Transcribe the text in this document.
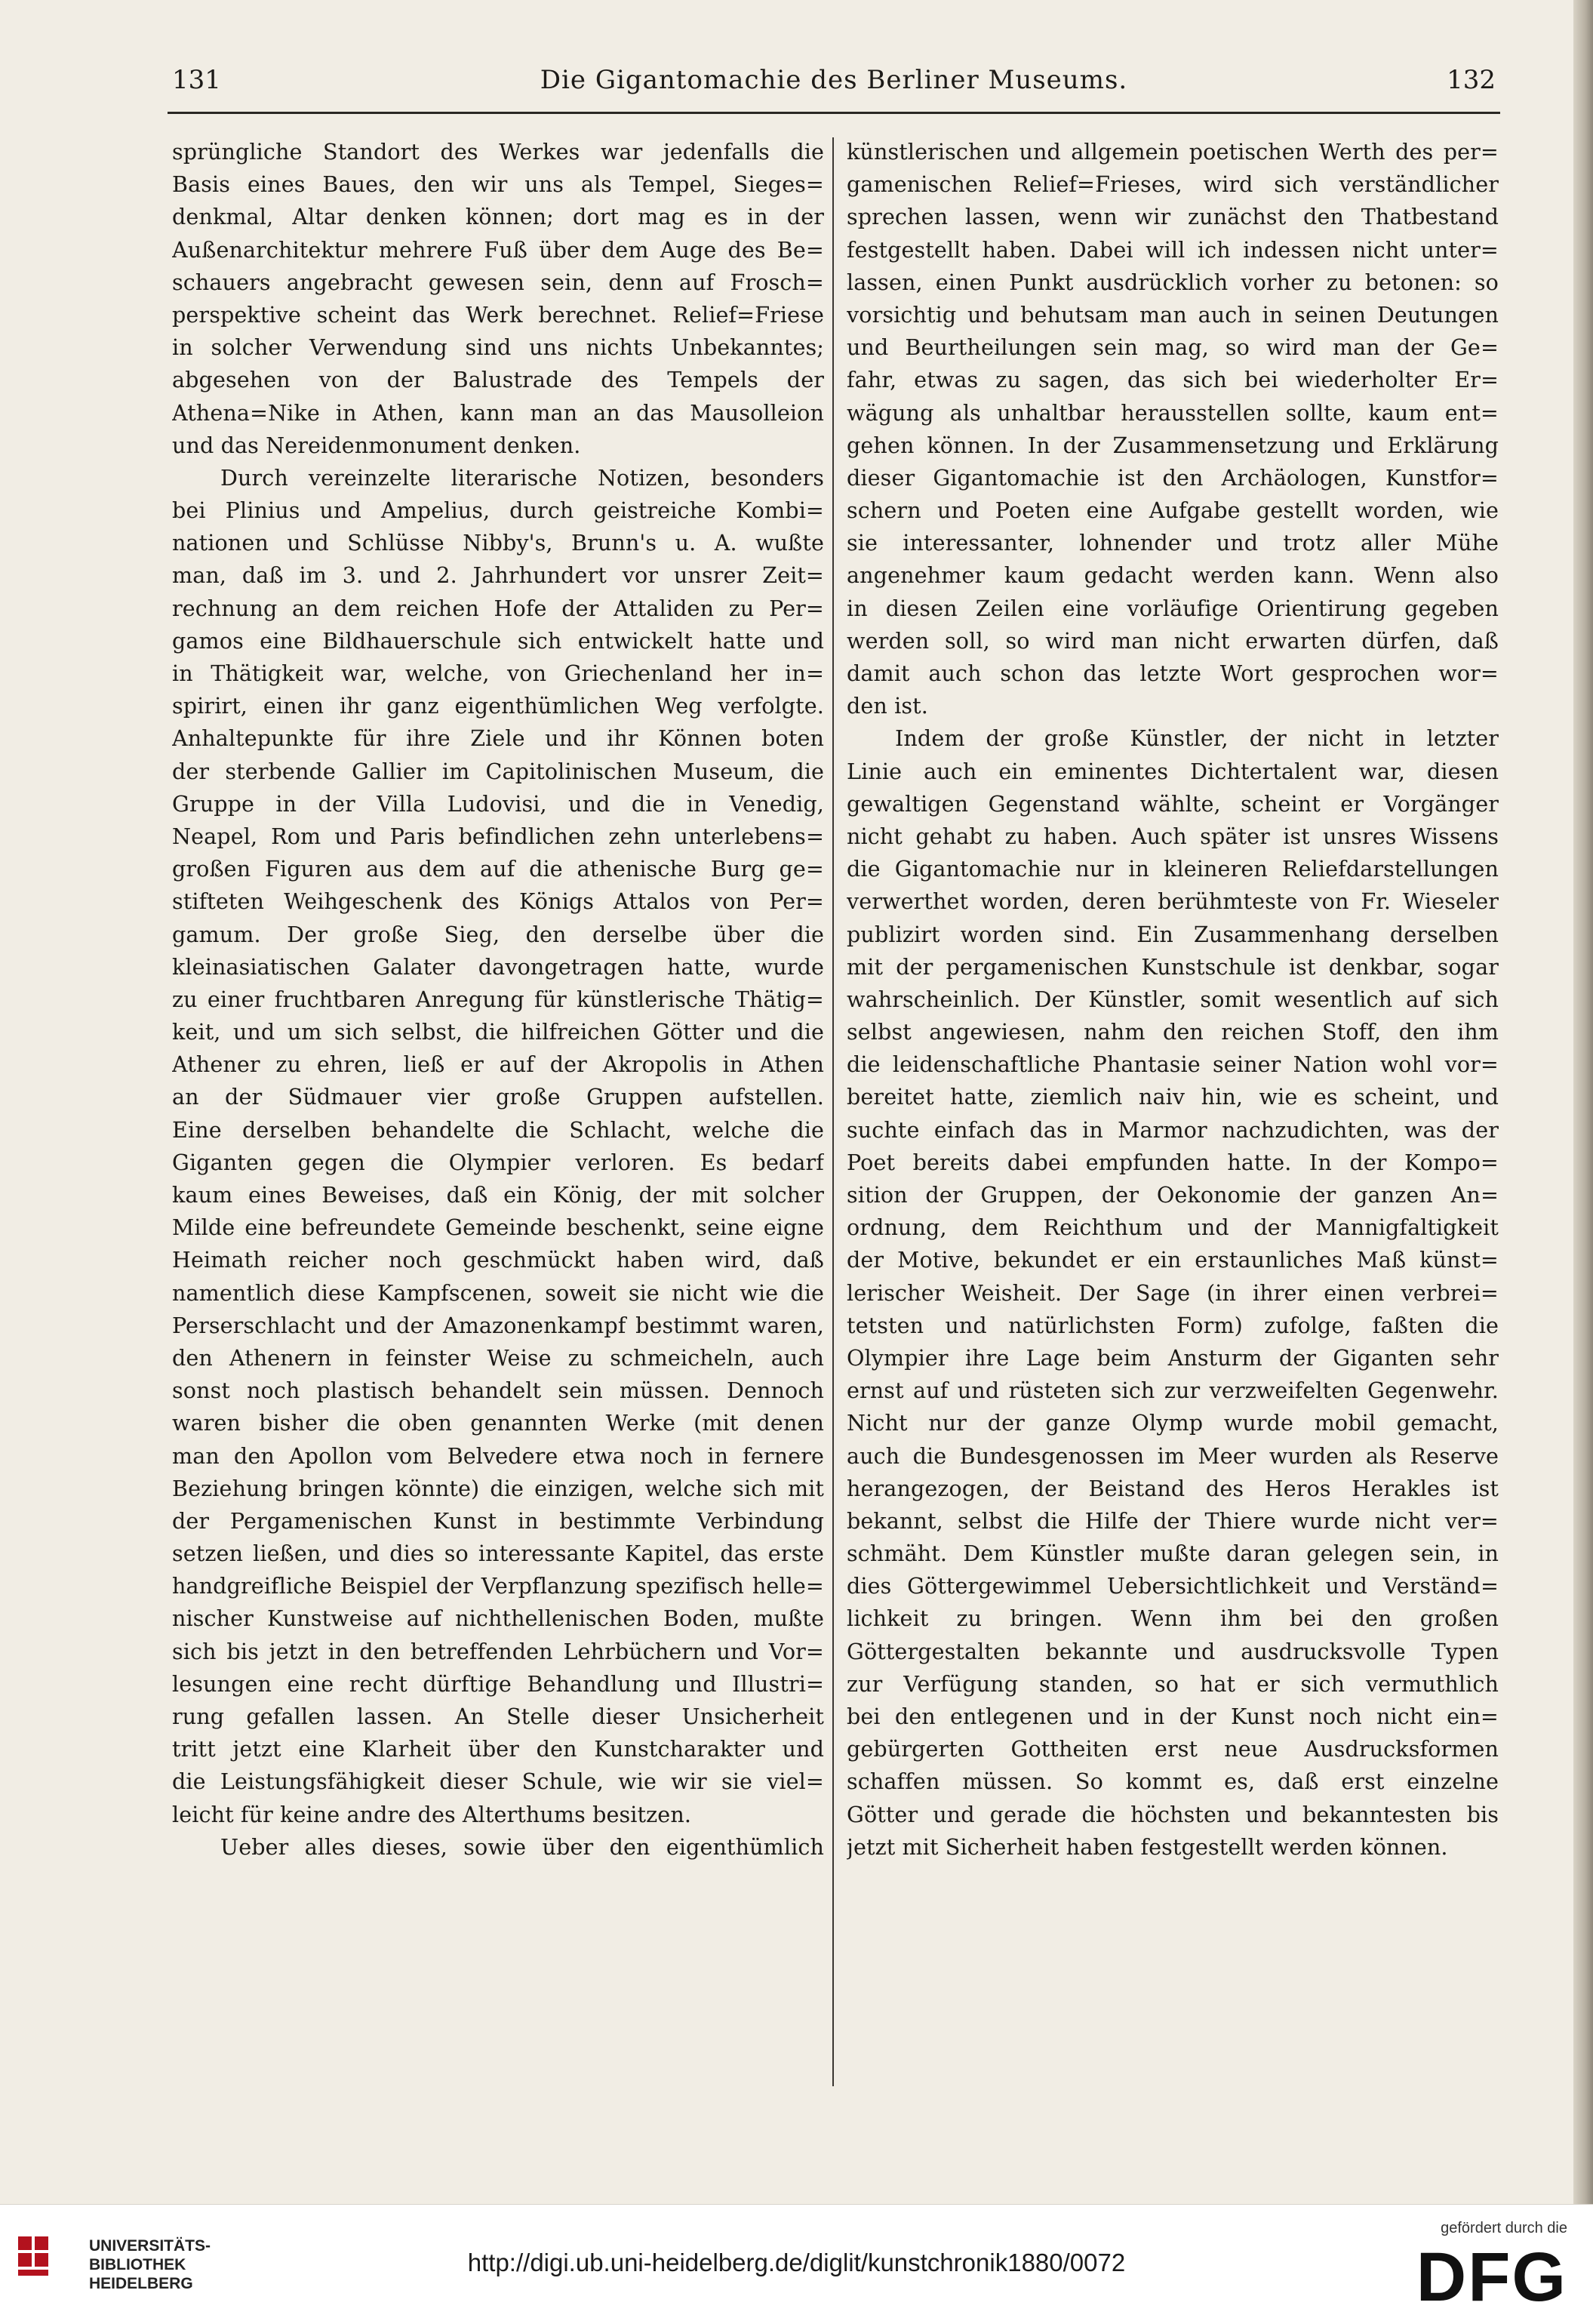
131	Die Gigantomachie des Berliner Museums.	132
sprüngliche Standort des Werkes war jedenfalls die
Basis eines Baues, den wir uns als Tempel, Sieges=
denkmal, Altar denken können; dort mag es in der
Außenarchitektur mehrere Fuß über dem Auge des Be=
schauers angebracht gewesen sein, denn auf Frosch=
perspektive scheint das Werk berechnet. Relief=Friese
in solcher Verwendung sind uns nichts Unbekanntes;
abgesehen von der Balustrade des Tempels der
Athena=Nike in Athen, kann man an das Mausolleion
und das Nereidenmonument denken.
Durch vereinzelte literarische Notizen, besonders
bei Plinius und Ampelius, durch geistreiche Kombi=
nationen und Schlüsse Nibby's, Brunn's u. A. wußte
man, daß im 3. und 2. Jahrhundert vor unsrer Zeit=
rechnung an dem reichen Hofe der Attaliden zu Per=
gamos eine Bildhauerschule sich entwickelt hatte und
in Thätigkeit war, welche, von Griechenland her in=
spirirt, einen ihr ganz eigenthümlichen Weg verfolgte.
Anhaltepunkte für ihre Ziele und ihr Können boten
der sterbende Gallier im Capitolinischen Museum, die
Gruppe in der Villa Ludovisi, und die in Venedig,
Neapel, Rom und Paris befindlichen zehn unterlebens=
großen Figuren aus dem auf die athenische Burg ge=
stifteten Weihgeschenk des Königs Attalos von Per=
gamum. Der große Sieg, den derselbe über die
kleinasiatischen Galater davongetragen hatte, wurde
zu einer fruchtbaren Anregung für künstlerische Thätig=
keit, und um sich selbst, die hilfreichen Götter und die
Athener zu ehren, ließ er auf der Akropolis in Athen
an der Südmauer vier große Gruppen aufstellen.
Eine derselben behandelte die Schlacht, welche die
Giganten gegen die Olympier verloren. Es bedarf
kaum eines Beweises, daß ein König, der mit solcher
Milde eine befreundete Gemeinde beschenkt, seine eigne
Heimath reicher noch geschmückt haben wird, daß
namentlich diese Kampfscenen, soweit sie nicht wie die
Perserschlacht und der Amazonenkampf bestimmt waren,
den Athenern in feinster Weise zu schmeicheln, auch
sonst noch plastisch behandelt sein müssen. Dennoch
waren bisher die oben genannten Werke (mit denen
man den Apollon vom Belvedere etwa noch in fernere
Beziehung bringen könnte) die einzigen, welche sich mit
der Pergamenischen Kunst in bestimmte Verbindung
setzen ließen, und dies so interessante Kapitel, das erste
handgreifliche Beispiel der Verpflanzung spezifisch helle=
nischer Kunstweise auf nichthellenischen Boden, mußte
sich bis jetzt in den betreffenden Lehrbüchern und Vor=
lesungen eine recht dürftige Behandlung und Illustri=
rung gefallen lassen. An Stelle dieser Unsicherheit
tritt jetzt eine Klarheit über den Kunstcharakter und
die Leistungsfähigkeit dieser Schule, wie wir sie viel=
leicht für keine andre des Alterthums besitzen.
Ueber alles dieses, sowie über den eigenthümlich
künstlerischen und allgemein poetischen Werth des per=
gamenischen Relief=Frieses, wird sich verständlicher
sprechen lassen, wenn wir zunächst den Thatbestand
festgestellt haben. Dabei will ich indessen nicht unter=
lassen, einen Punkt ausdrücklich vorher zu betonen: so
vorsichtig und behutsam man auch in seinen Deutungen
und Beurtheilungen sein mag, so wird man der Ge=
fahr, etwas zu sagen, das sich bei wiederholter Er=
wägung als unhaltbar herausstellen sollte, kaum ent=
gehen können. In der Zusammensetzung und Erklärung
dieser Gigantomachie ist den Archäologen, Kunstfor=
schern und Poeten eine Aufgabe gestellt worden, wie
sie interessanter, lohnender und trotz aller Mühe
angenehmer kaum gedacht werden kann. Wenn also
in diesen Zeilen eine vorläufige Orientirung gegeben
werden soll, so wird man nicht erwarten dürfen, daß
damit auch schon das letzte Wort gesprochen wor=
den ist.
Indem der große Künstler, der nicht in letzter
Linie auch ein eminentes Dichtertalent war, diesen
gewaltigen Gegenstand wählte, scheint er Vorgänger
nicht gehabt zu haben. Auch später ist unsres Wissens
die Gigantomachie nur in kleineren Reliefdarstellungen
verwerthet worden, deren berühmteste von Fr. Wieseler
publizirt worden sind. Ein Zusammenhang derselben
mit der pergamenischen Kunstschule ist denkbar, sogar
wahrscheinlich. Der Künstler, somit wesentlich auf sich
selbst angewiesen, nahm den reichen Stoff, den ihm
die leidenschaftliche Phantasie seiner Nation wohl vor=
bereitet hatte, ziemlich naiv hin, wie es scheint, und
suchte einfach das in Marmor nachzudichten, was der
Poet bereits dabei empfunden hatte. In der Kompo=
sition der Gruppen, der Oekonomie der ganzen An=
ordnung, dem Reichthum und der Mannigfaltigkeit
der Motive, bekundet er ein erstaunliches Maß künst=
lerischer Weisheit. Der Sage (in ihrer einen verbrei=
tetsten und natürlichsten Form) zufolge, faßten die
Olympier ihre Lage beim Ansturm der Giganten sehr
ernst auf und rüsteten sich zur verzweifelten Gegenwehr.
Nicht nur der ganze Olymp wurde mobil gemacht,
auch die Bundesgenossen im Meer wurden als Reserve
herangezogen, der Beistand des Heros Herakles ist
bekannt, selbst die Hilfe der Thiere wurde nicht ver=
schmäht. Dem Künstler mußte daran gelegen sein, in
dies Göttergewimmel Uebersichtlichkeit und Verständ=
lichkeit zu bringen. Wenn ihm bei den großen
Göttergestalten bekannte und ausdrucksvolle Typen
zur Verfügung standen, so hat er sich vermuthlich
bei den entlegenen und in der Kunst noch nicht ein=
gebürgerten Gottheiten erst neue Ausdrucksformen
schaffen müssen. So kommt es, daß erst einzelne
Götter und gerade die höchsten und bekanntesten bis
jetzt mit Sicherheit haben festgestellt werden können.
UNIVERSITÄTS-
BIBLIOTHEK
HEIDELBERG
http://digi.ub.uni-heidelberg.de/diglit/kunstchronik1880/0072
gefördert durch die
DFG
